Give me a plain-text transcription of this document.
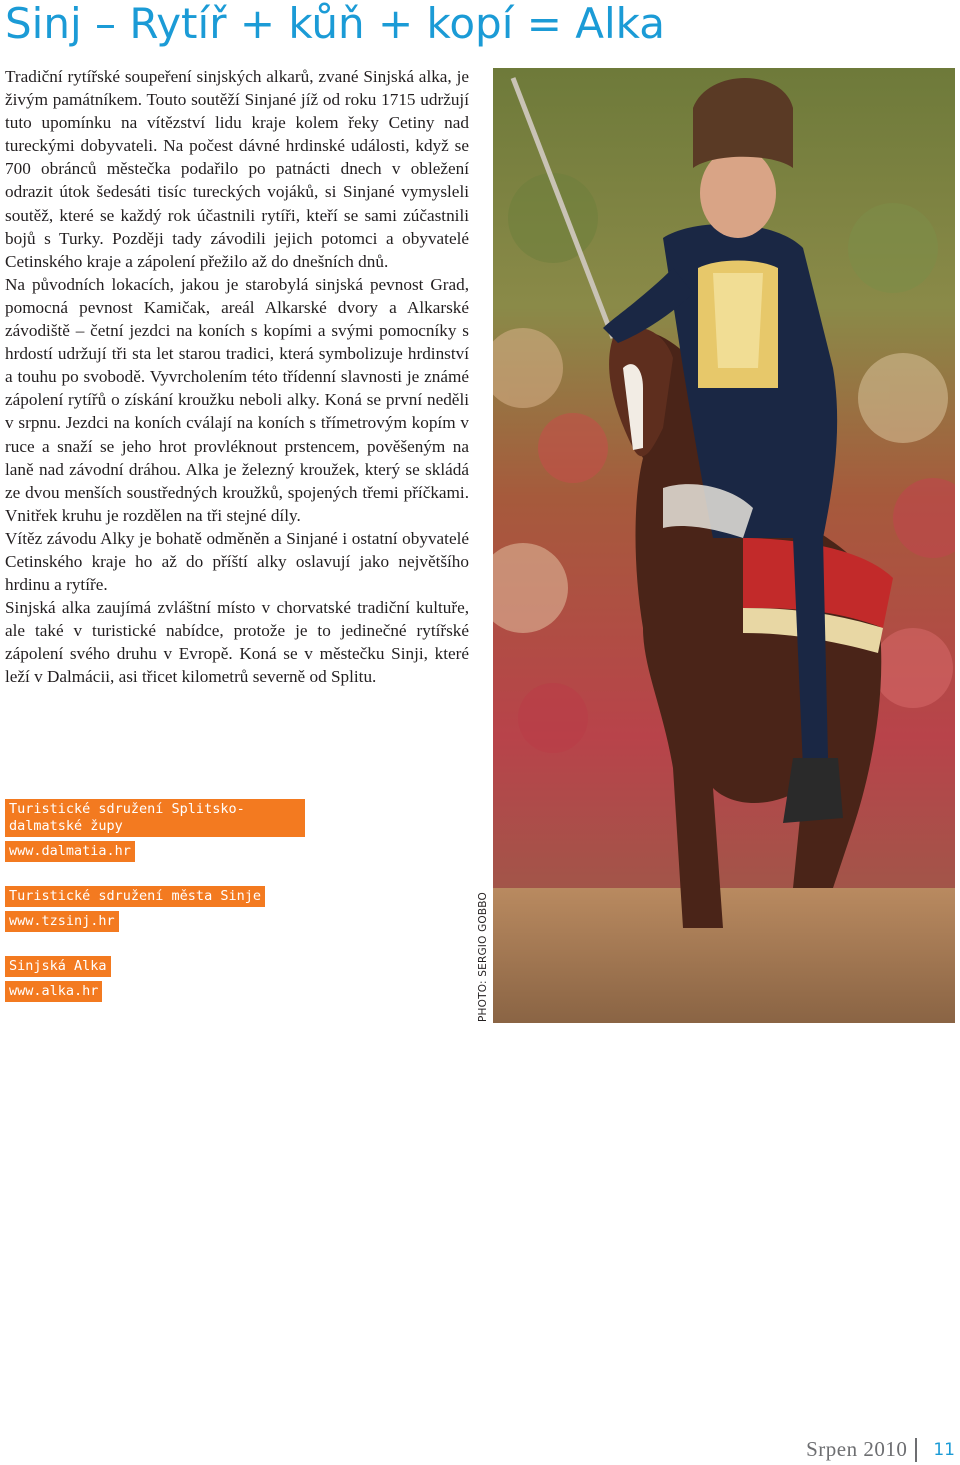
Sinj – Rytíř + kůň + kopí = Alka

Tradiční rytířské soupeření sinjských alkarů, zvané Sinjská alka, je živým památníkem. Touto soutěží Sinjané jíž od roku 1715 udržují tuto upomínku na vítězství lidu kraje kolem řeky Cetiny nad tureckými dobyvateli. Na počest dávné hrdinské události, když se 700 obránců městečka podařilo po patnácti dnech v obležení odrazit útok šedesáti tisíc tureckých vojáků, si Sinjané vymysleli soutěž, které se každý rok účastnili rytíři, kteří se sami zúčastnili bojů s Turky. Později tady závodili jejich potomci a obyvatelé Cetinského kraje a zápolení přežilo až do dnešních dnů.

Na původních lokacích, jakou je starobylá sinjská pevnost Grad, pomocná pevnost Kamičak, areál Alkarské dvory a Alkarské závodiště – četní jezdci na koních s kopími a svými pomocníky s hrdostí udržují tři sta let starou tradici, která symbolizuje hrdinství a touhu po svobodě. Vyvrcholením této třídenní slavnosti je známé zápolení rytířů o získání kroužku neboli alky. Koná se první neděli v srpnu. Jezdci na koních cválají na koních s třímetrovým kopím v ruce a snaží se jeho hrot provléknout prstencem, pověšeným na laně nad závodní dráhou. Alka je železný kroužek, který se skládá ze dvou menších soustředných kroužků, spojených třemi příčkami. Vnitřek kruhu je rozdělen na tři stejné díly.

Vítěz závodu Alky je bohatě odměněn a Sinjané i ostatní obyvatelé Cetinského kraje ho až do příští alky oslavují jako největšího hrdinu a rytíře.

Sinjská alka zaujímá zvláštní místo v chorvatské tradiční kultuře, ale také v turistické nabídce, protože je to jedinečné rytířské zápolení svého druhu v Evropě. Koná se v městečku Sinji, které leží v Dalmácii, asi třicet kilometrů severně od Splitu.

Turistické sdružení Splitsko-dalmatské župy
www.dalmatia.hr
Turistické sdružení města Sinje
www.tzsinj.hr
Sinjská Alka
www.alka.hr	PHOTO: SERGIO GOBBO
Srpen 2010 11
